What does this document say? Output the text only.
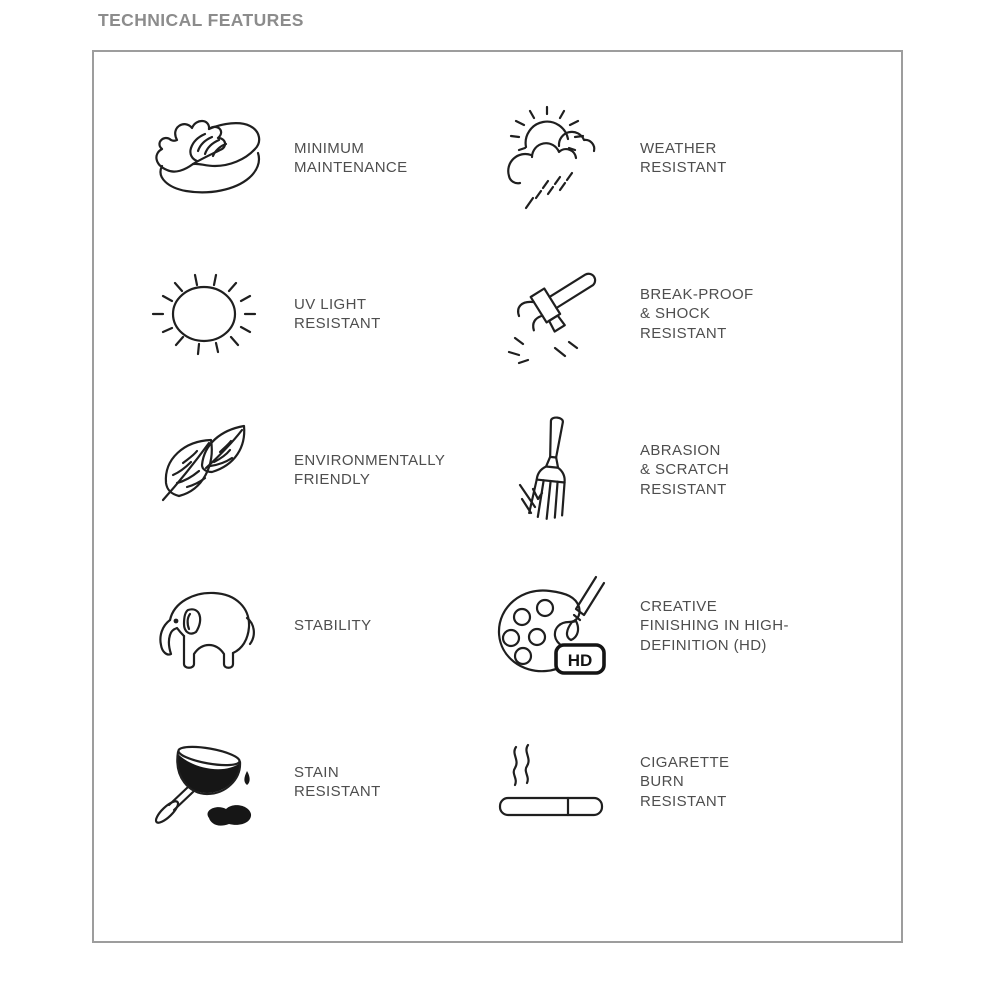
TECHNICAL FEATURES
MINIMUM
MAINTENANCE
WEATHER
RESISTANT
UV LIGHT
RESISTANT
BREAK-PROOF
& SHOCK
RESISTANT
ENVIRONMENTALLY
FRIENDLY
ABRASION
& SCRATCH
RESISTANT
STABILITY
HD
CREATIVE
FINISHING IN HIGH-
DEFINITION (HD)
STAIN
RESISTANT
CIGARETTE
BURN
RESISTANT
